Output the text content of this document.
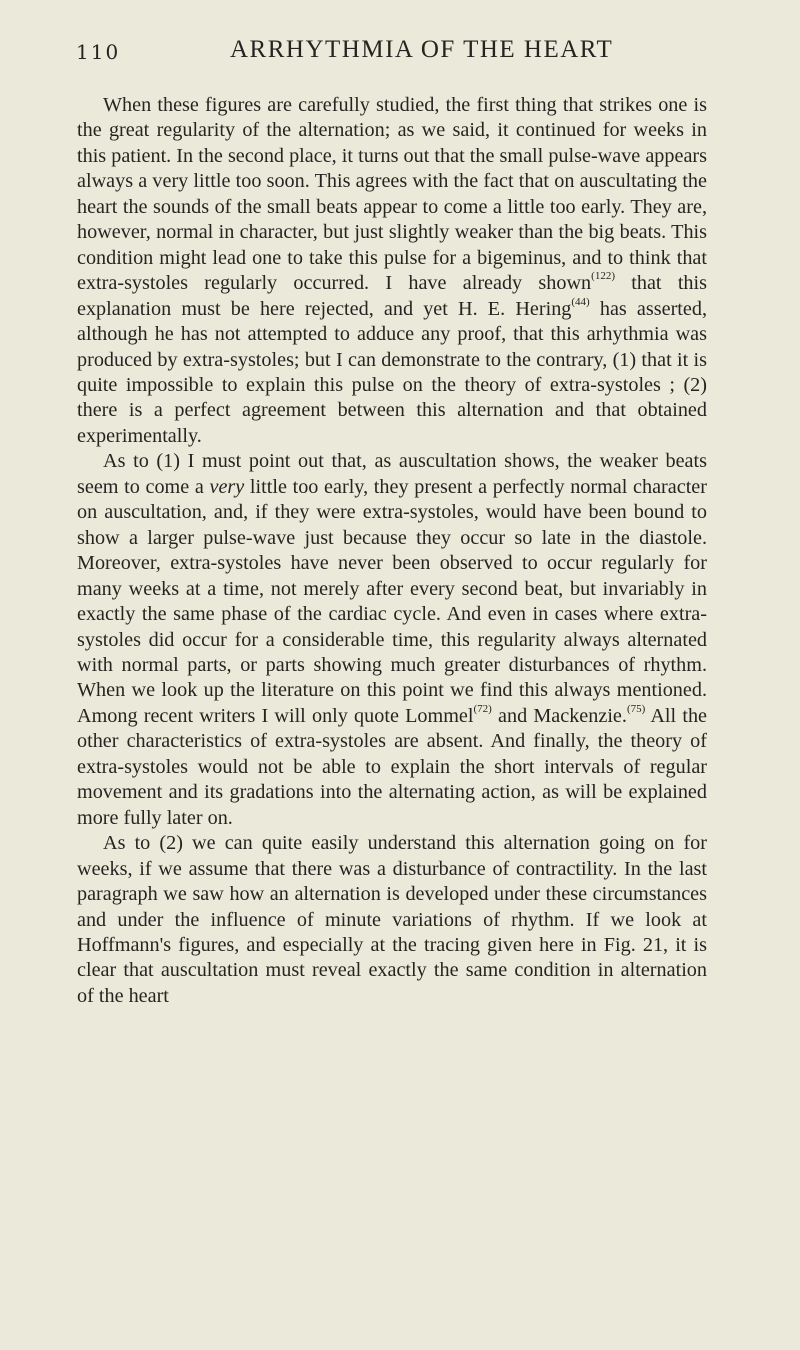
110	ARRHYTHMIA OF THE HEART

When these figures are carefully studied, the first thing that strikes one is the great regularity of the alternation; as we said, it continued for weeks in this patient. In the second place, it turns out that the small pulse-wave appears always a very little too soon. This agrees with the fact that on auscultating the heart the sounds of the small beats appear to come a little too early. They are, however, normal in character, but just slightly weaker than the big beats. This condition might lead one to take this pulse for a bigeminus, and to think that extra-systoles regularly occurred. I have already shown$^{(122)}$ that this explanation must be here rejected, and yet H. E. Hering$^{(44)}$ has asserted, although he has not attempted to adduce any proof, that this arhythmia was produced by extra-systoles; but I can demonstrate to the contrary, (1) that it is quite impossible to explain this pulse on the theory of extra-systoles ; (2) there is a perfect agreement between this alternation and that obtained experimentally.

As to (1) I must point out that, as auscultation shows, the weaker beats seem to come a very little too early, they present a perfectly normal character on auscultation, and, if they were extra-systoles, would have been bound to show a larger pulse-wave just because they occur so late in the diastole. Moreover, extra-systoles have never been observed to occur regularly for many weeks at a time, not merely after every second beat, but invariably in exactly the same phase of the cardiac cycle. And even in cases where extra-systoles did occur for a considerable time, this regularity always alternated with normal parts, or parts showing much greater disturbances of rhythm. When we look up the literature on this point we find this always mentioned. Among recent writers I will only quote Lommel$^{(72)}$ and Mackenzie.$^{(75)}$ All the other characteristics of extra-systoles are absent. And finally, the theory of extra-systoles would not be able to explain the short intervals of regular movement and its gradations into the alternating action, as will be explained more fully later on.

As to (2) we can quite easily understand this alternation going on for weeks, if we assume that there was a disturbance of contractility. In the last paragraph we saw how an alternation is developed under these circumstances and under the influence of minute variations of rhythm. If we look at Hoffmann's figures, and especially at the tracing given here in Fig. 21, it is clear that auscultation must reveal exactly the same condition in alternation of the heart
